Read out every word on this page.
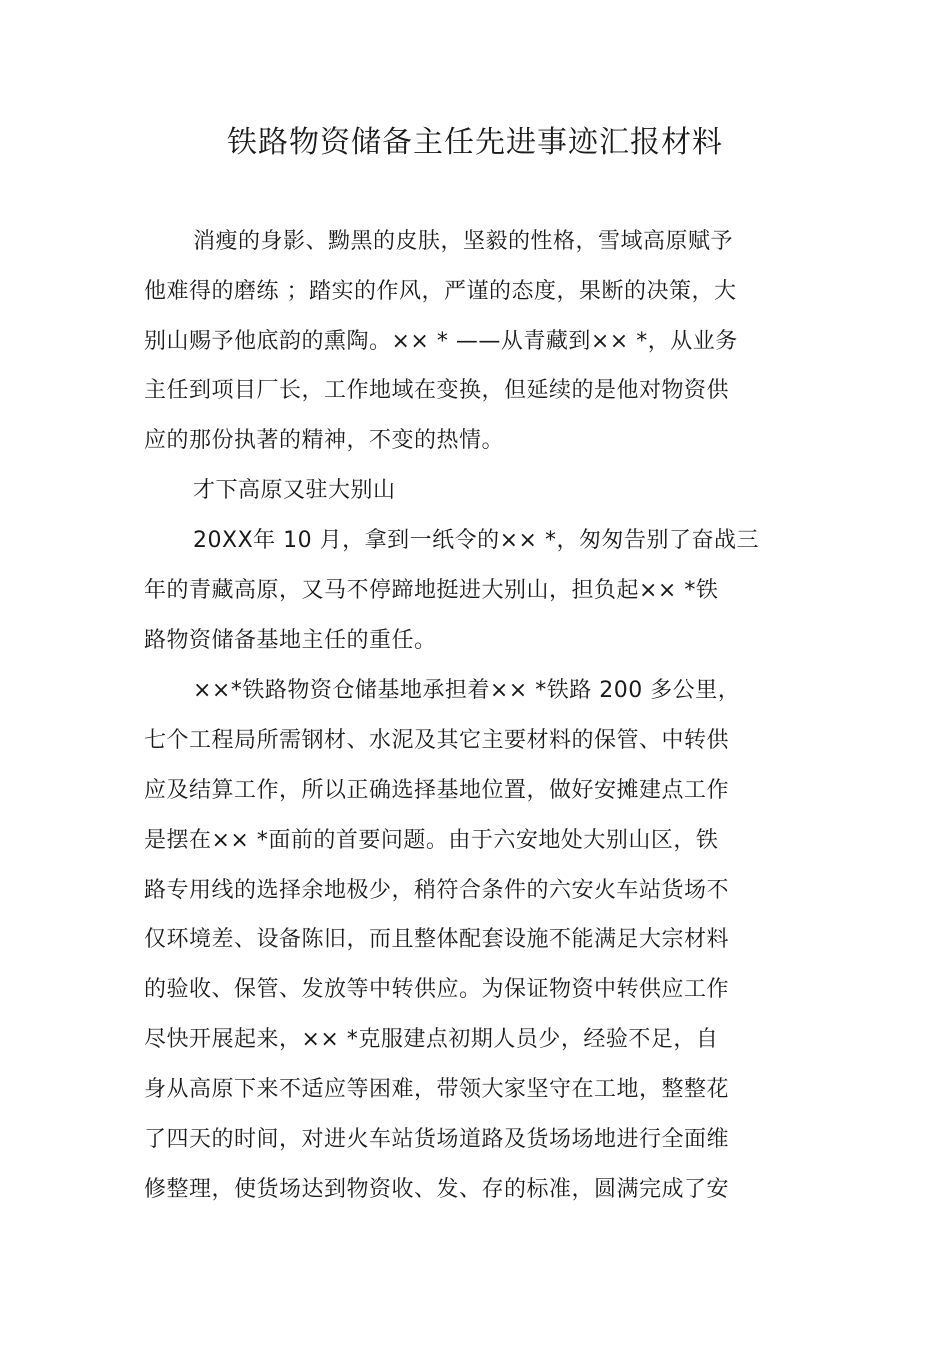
铁路物资储备主任先进事迹汇报材料
消瘦的身影、黝黑的皮肤，坚毅的性格，雪域高原赋予
他难得的磨练 ；踏实的作风，严谨的态度，果断的决策，大
别山赐予他底韵的熏陶。×× * ——从青藏到×× *，从业务
主任到项目厂长，工作地域在变换，但延续的是他对物资供
应的那份执著的精神，不变的热情。
才下高原又驻大别山
20XX年 10 月，拿到一纸令的×× *，匆匆告别了奋战三
年的青藏高原，又马不停蹄地挺进大别山，担负起×× *铁
路物资储备基地主任的重任。
××*铁路物资仓储基地承担着×× *铁路 200 多公里，
七个工程局所需钢材、水泥及其它主要材料的保管、中转供
应及结算工作，所以正确选择基地位置，做好安摊建点工作
是摆在×× *面前的首要问题。由于六安地处大别山区，铁
路专用线的选择余地极少，稍符合条件的六安火车站货场不
仅环境差、设备陈旧，而且整体配套设施不能满足大宗材料
的验收、保管、发放等中转供应。为保证物资中转供应工作
尽快开展起来，×× *克服建点初期人员少，经验不足，自
身从高原下来不适应等困难，带领大家坚守在工地，整整花
了四天的时间，对进火车站货场道路及货场场地进行全面维
修整理，使货场达到物资收、发、存的标准，圆满完成了安
